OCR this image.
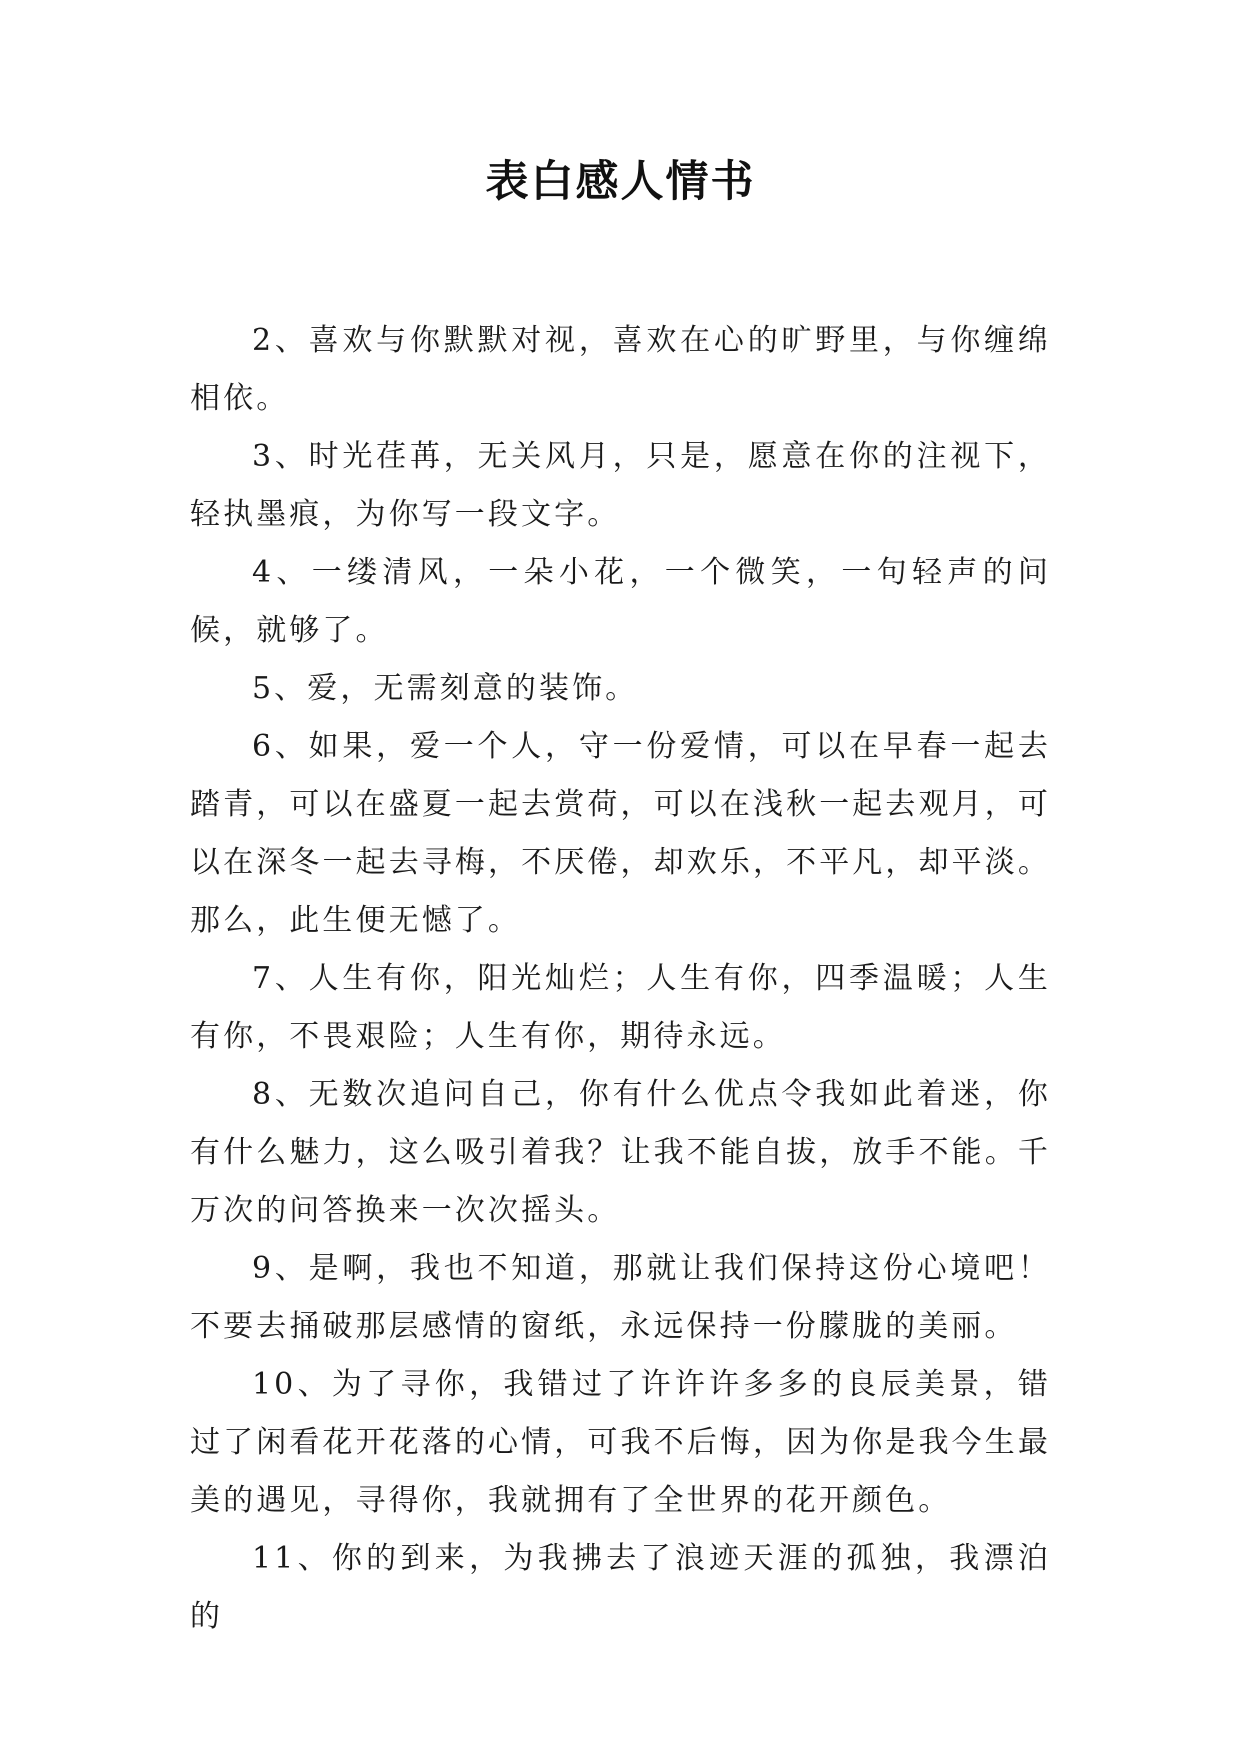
表白感人情书

2、喜欢与你默默对视，喜欢在心的旷野里，与你缠绵相依。

3、时光荏苒，无关风月，只是，愿意在你的注视下，轻执墨痕，为你写一段文字。

4、一缕清风，一朵小花，一个微笑，一句轻声的问候，就够了。

5、爱，无需刻意的装饰。

6、如果，爱一个人，守一份爱情，可以在早春一起去踏青，可以在盛夏一起去赏荷，可以在浅秋一起去观月，可以在深冬一起去寻梅，不厌倦，却欢乐，不平凡，却平淡。那么，此生便无憾了。

7、人生有你，阳光灿烂；人生有你，四季温暖；人生有你，不畏艰险；人生有你，期待永远。

8、无数次追问自己，你有什么优点令我如此着迷，你有什么魅力，这么吸引着我？让我不能自拔，放手不能。千万次的问答换来一次次摇头。

9、是啊，我也不知道，那就让我们保持这份心境吧！不要去捅破那层感情的窗纸，永远保持一份朦胧的美丽。

10、为了寻你，我错过了许许许多多的良辰美景，错过了闲看花开花落的心情，可我不后悔，因为你是我今生最美的遇见，寻得你，我就拥有了全世界的花开颜色。

11、你的到来，为我拂去了浪迹天涯的孤独，我漂泊的
